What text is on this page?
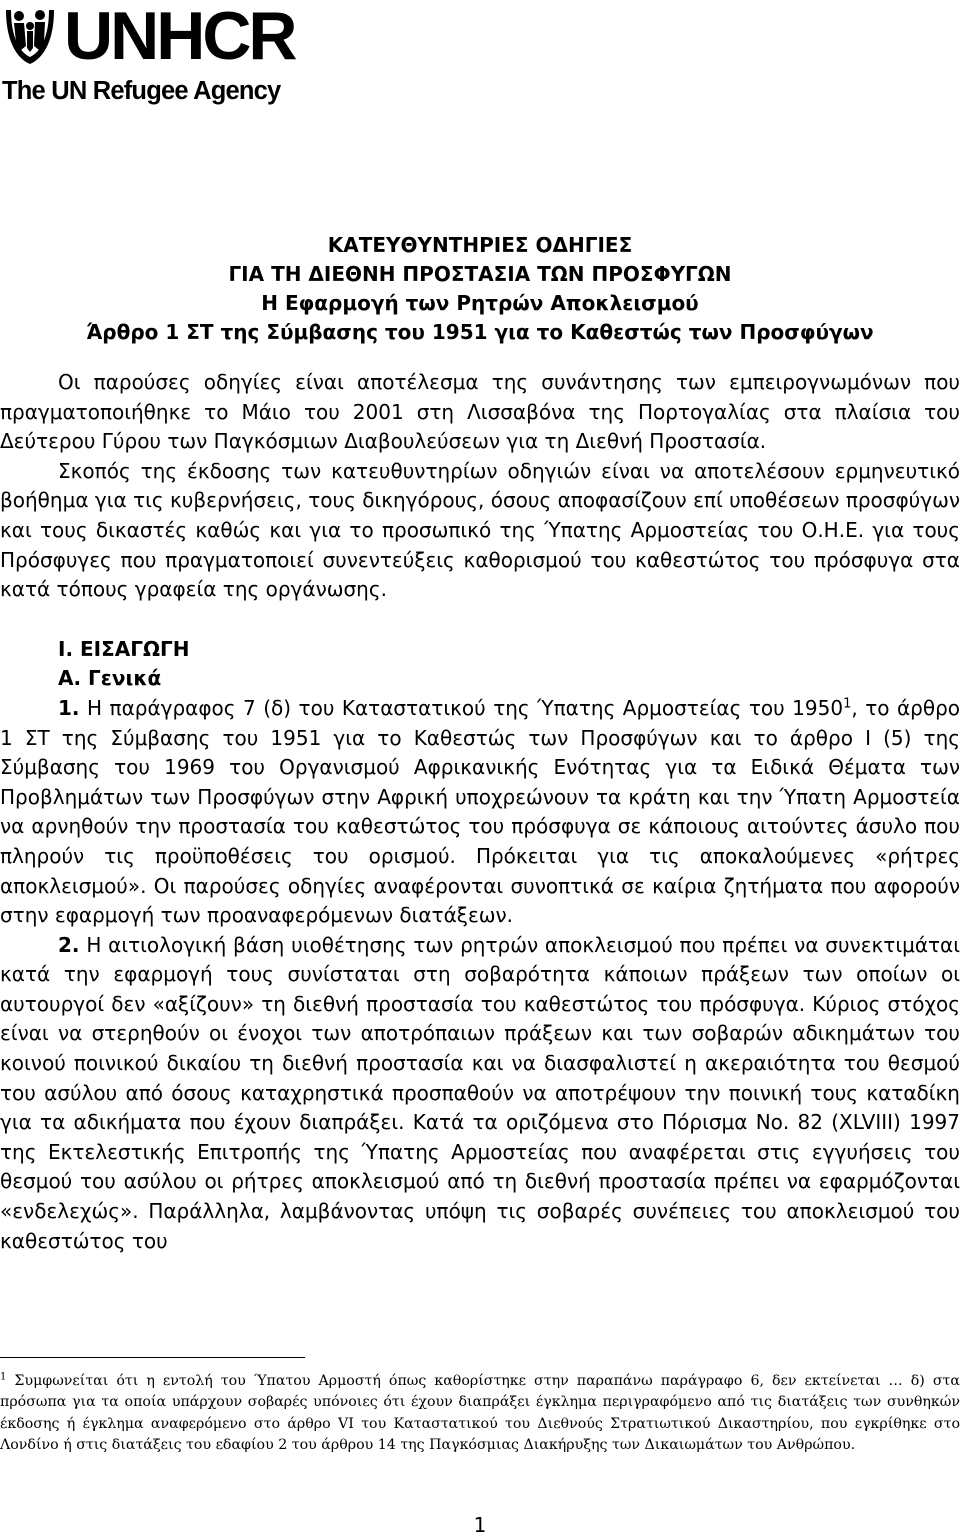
UNHCR
The UN Refugee Agency
ΚΑΤΕΥΘΥΝΤΗΡΙΕΣ ΟΔΗΓΙΕΣ
ΓΙΑ ΤΗ ΔΙΕΘΝΗ ΠΡΟΣΤΑΣΙΑ ΤΩΝ ΠΡΟΣΦΥΓΩΝ
Η Εφαρμογή των Ρητρών Αποκλεισμού
Άρθρο 1 ΣΤ της Σύμβασης του 1951 για το Καθεστώς των Προσφύγων

Οι παρούσες οδηγίες είναι αποτέλεσμα της συνάντησης των εμπειρογνωμόνων που πραγματοποιήθηκε το Μάιο του 2001 στη Λισσαβόνα της Πορτογαλίας στα πλαίσια του Δεύτερου Γύρου των Παγκόσμιων Διαβουλεύσεων για τη Διεθνή Προστασία.

Σκοπός της έκδοσης των κατευθυντηρίων οδηγιών είναι να αποτελέσουν ερμηνευτικό βοήθημα για τις κυβερνήσεις, τους δικηγόρους, όσους αποφασίζουν επί υποθέσεων προσφύγων και τους δικαστές καθώς και για το προσωπικό της Ύπατης Αρμοστείας του Ο.Η.Ε. για τους Πρόσφυγες που πραγματοποιεί συνεντεύξεις καθορισμού του καθεστώτος του πρόσφυγα στα κατά τόπους γραφεία της οργάνωσης.

Ι. ΕΙΣΑΓΩΓΗ

Α. Γενικά

1. Η παράγραφος 7 (δ) του Καταστατικού της Ύπατης Αρμοστείας του 1950$^1$, το άρθρο 1 ΣΤ της Σύμβασης του 1951 για το Καθεστώς των Προσφύγων και το άρθρο Ι (5) της Σύμβασης του 1969 του Οργανισμού Αφρικανικής Ενότητας για τα Ειδικά Θέματα των Προβλημάτων των Προσφύγων στην Αφρική υποχρεώνουν τα κράτη και την Ύπατη Αρμοστεία να αρνηθούν την προστασία του καθεστώτος του πρόσφυγα σε κάποιους αιτούντες άσυλο που πληρούν τις προϋποθέσεις του ορισμού. Πρόκειται για τις αποκαλούμενες «ρήτρες αποκλεισμού». Οι παρούσες οδηγίες αναφέρονται συνοπτικά σε καίρια ζητήματα που αφορούν στην εφαρμογή των προαναφερόμενων διατάξεων.

2. Η αιτιολογική βάση υιοθέτησης των ρητρών αποκλεισμού που πρέπει να συνεκτιμάται κατά την εφαρμογή τους συνίσταται στη σοβαρότητα κάποιων πράξεων των οποίων οι αυτουργοί δεν «αξίζουν» τη διεθνή προστασία του καθεστώτος του πρόσφυγα. Κύριος στόχος είναι να στερηθούν οι ένοχοι των αποτρόπαιων πράξεων και των σοβαρών αδικημάτων του κοινού ποινικού δικαίου τη διεθνή προστασία και να διασφαλιστεί η ακεραιότητα του θεσμού του ασύλου από όσους καταχρηστικά προσπαθούν να αποτρέψουν την ποινική τους καταδίκη για τα αδικήματα που έχουν διαπράξει. Κατά τα οριζόμενα στο Πόρισμα Νο. 82 (XLVIII) 1997 της Εκτελεστικής Επιτροπής της Ύπατης Αρμοστείας που αναφέρεται στις εγγυήσεις του θεσμού του ασύλου οι ρήτρες αποκλεισμού από τη διεθνή προστασία πρέπει να εφαρμόζονται «ενδελεχώς». Παράλληλα, λαμβάνοντας υπόψη τις σοβαρές συνέπειες του αποκλεισμού του καθεστώτος του

$^1$ Συμφωνείται ότι η εντολή του Ύπατου Αρμοστή όπως καθορίστηκε στην παραπάνω παράγραφο 6, δεν εκτείνεται … δ) στα πρόσωπα για τα οποία υπάρχουν σοβαρές υπόνοιες ότι έχουν διαπράξει έγκλημα περιγραφόμενο από τις διατάξεις των συνθηκών έκδοσης ή έγκλημα αναφερόμενο στο άρθρο VI του Καταστατικού του Διεθνούς Στρατιωτικού Δικαστηρίου, που εγκρίθηκε στο Λονδίνο ή στις διατάξεις του εδαφίου 2 του άρθρου 14 της Παγκόσμιας Διακήρυξης των Δικαιωμάτων του Ανθρώπου.
1
